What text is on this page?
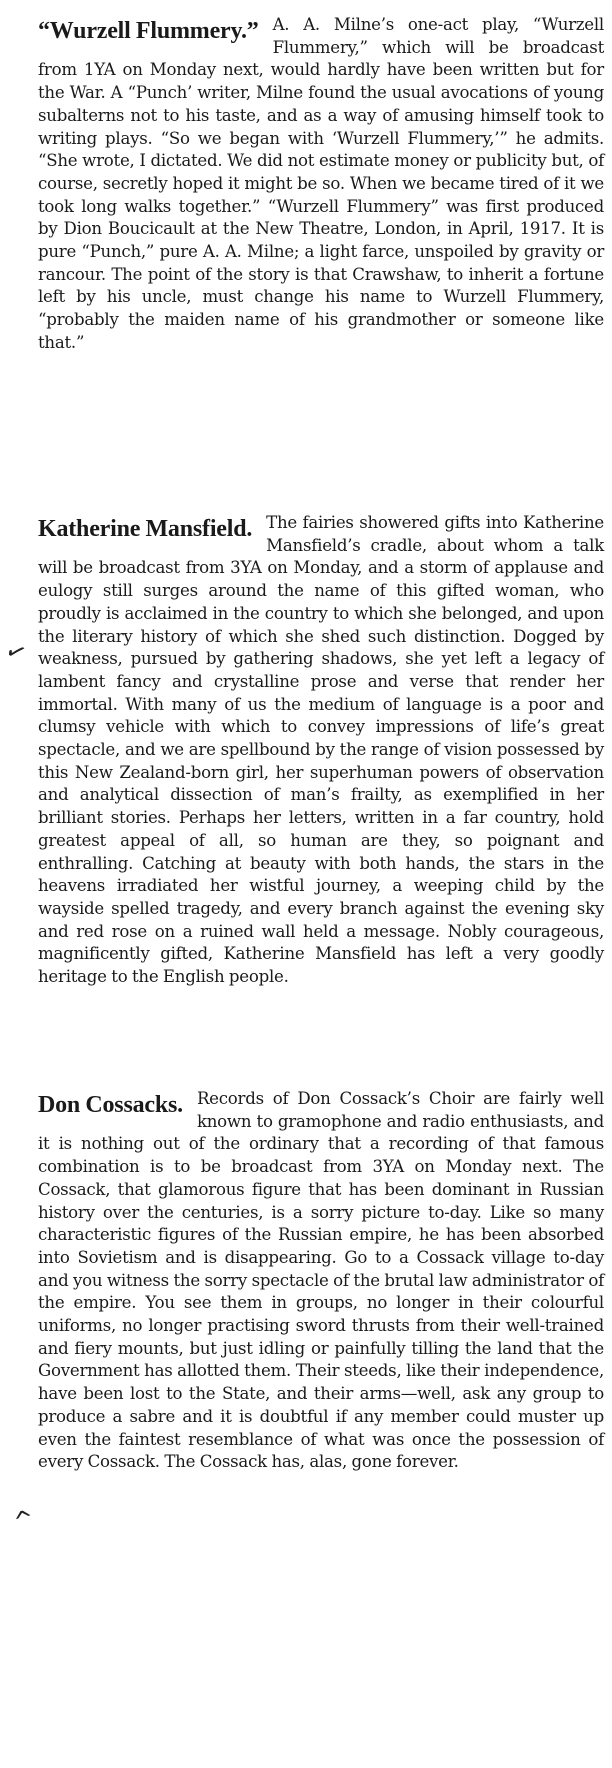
“Wurzell Flummery.” A. A. Milne’s one-act play, “Wurzell Flummery,” which will be broadcast from 1YA on Monday next, would hardly have been written but for the War. A “Punch’ writer, Milne found the usual avocations of young subalterns not to his taste, and as a way of amusing himself took to writing plays. “So we began with ‘Wurzell Flummery,’” he admits. “She wrote, I dictated. We did not estimate money or publicity but, of course, secretly hoped it might be so. When we became tired of it we took long walks together.” “Wurzell Flummery” was first produced by Dion Boucicault at the New Theatre, London, in April, 1917. It is pure “Punch,” pure A. A. Milne; a light farce, unspoiled by gravity or rancour. The point of the story is that Crawshaw, to inherit a fortune left by his uncle, must change his name to Wurzell Flummery, “probably the maiden name of his grandmother or someone like that.”

Katherine Mansfield. The fairies showered gifts into Katherine Mansfield’s cradle, about whom a talk will be broadcast from 3YA on Monday, and a storm of applause and eulogy still surges around the name of this gifted woman, who proudly is acclaimed in the country to which she belonged, and upon the literary history of which she shed such distinction. Dogged by weakness, pursued by gathering shadows, she yet left a legacy of lambent fancy and crystalline prose and verse that render her immortal. With many of us the medium of language is a poor and clumsy vehicle with which to convey impressions of life’s great spectacle, and we are spellbound by the range of vision possessed by this New Zealand-born girl, her superhuman powers of observation and analytical dissection of man’s frailty, as exemplified in her brilliant stories. Perhaps her letters, written in a far country, hold greatest appeal of all, so human are they, so poignant and enthralling. Catching at beauty with both hands, the stars in the heavens irradiated her wistful journey, a weeping child by the wayside spelled tragedy, and every branch against the evening sky and red rose on a ruined wall held a message. Nobly courageous, magnificently gifted, Katherine Mansfield has left a very goodly heritage to the English people.

Don Cossacks. Records of Don Cossack’s Choir are fairly well known to gramophone and radio enthusiasts, and it is nothing out of the ordinary that a recording of that famous combination is to be broadcast from 3YA on Monday next. The Cossack, that glamorous figure that has been dominant in Russian history over the centuries, is a sorry picture to-day. Like so many characteristic figures of the Russian empire, he has been absorbed into Sovietism and is disappearing. Go to a Cossack village to-day and you witness the sorry spectacle of the brutal law administrator of the empire. You see them in groups, no longer in their colourful uniforms, no longer practising sword thrusts from their well-trained and fiery mounts, but just idling or painfully tilling the land that the Government has allotted them. Their steeds, like their independence, have been lost to the State, and their arms—well, ask any group to produce a sabre and it is doubtful if any member could muster up even the faintest resemblance of what was once the possession of every Cossack. The Cossack has, alas, gone forever.

✓
^
